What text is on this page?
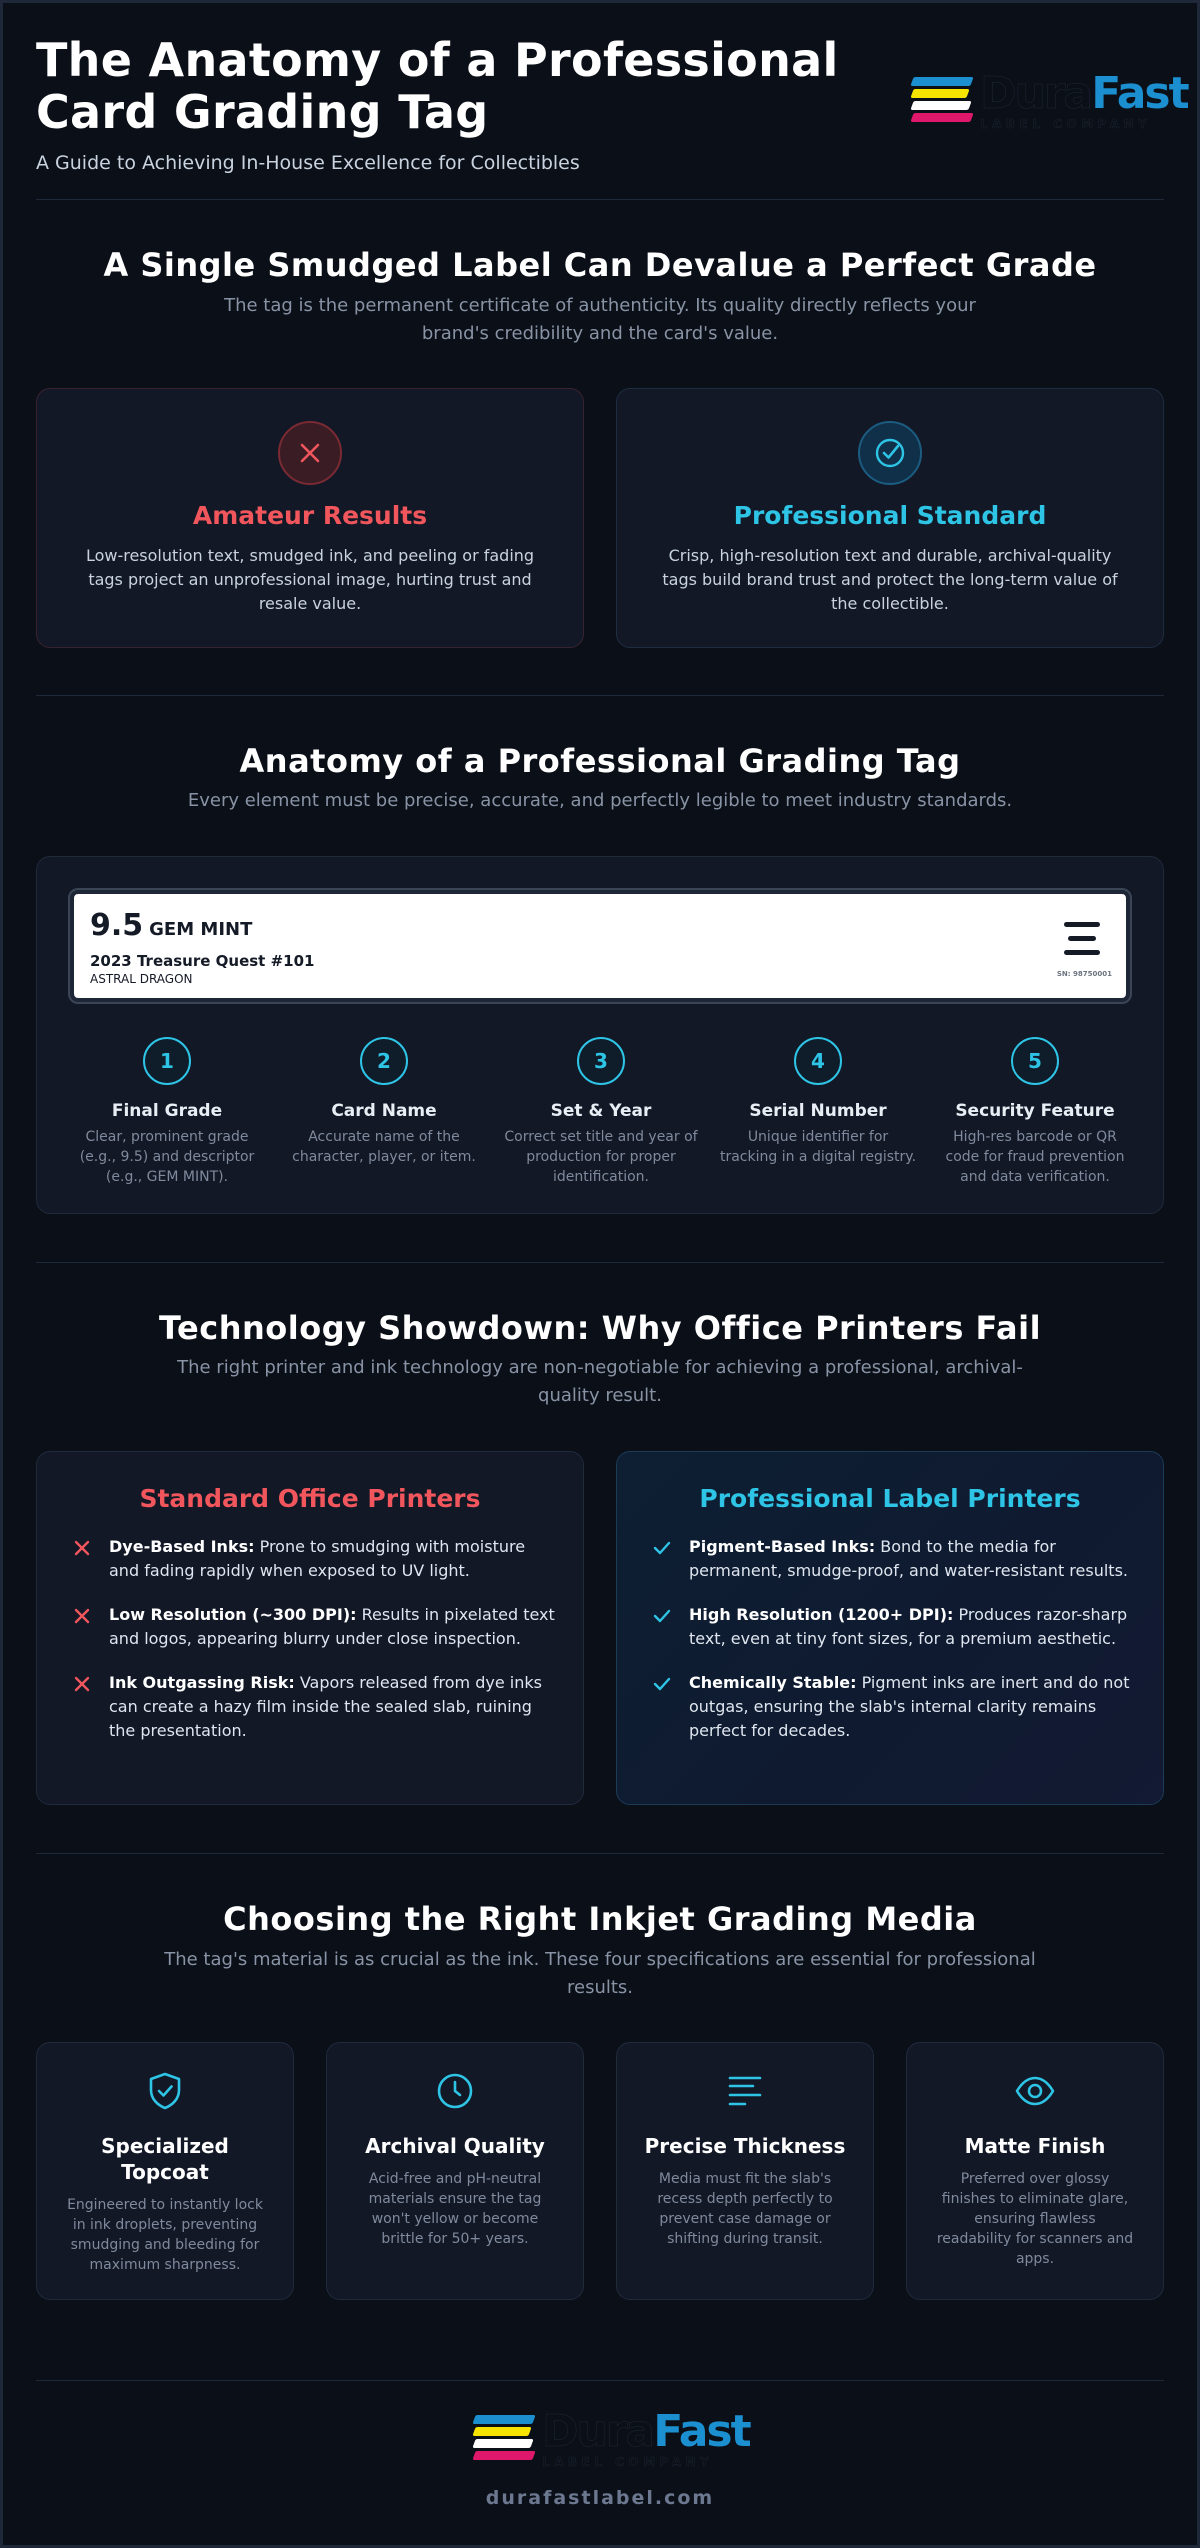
The Anatomy of a Professional
Card Grading Tag
A Guide to Achieving In-House Excellence for Collectibles
DuraFast
LABEL COMPANY
A Single Smudged Label Can Devalue a Perfect Grade
The tag is the permanent certificate of authenticity. Its quality directly reflects your brand's credibility and the card's value.
Amateur Results

Low-resolution text, smudged ink, and peeling or fading tags project an unprofessional image, hurting trust and resale value.

Professional Standard

Crisp, high-resolution text and durable, archival-quality tags build brand trust and protect the long-term value of the collectible.

Anatomy of a Professional Grading Tag
Every element must be precise, accurate, and perfectly legible to meet industry standards.
9.5 GEM MINT
2023 Treasure Quest #101
ASTRAL DRAGON	SN: 98750001
1
Final Grade

Clear, prominent grade (e.g., 9.5) and descriptor (e.g., GEM MINT).

2
Card Name

Accurate name of the character, player, or item.

3
Set & Year

Correct set title and year of production for proper identification.

4
Serial Number

Unique identifier for tracking in a digital registry.

5
Security Feature

High-res barcode or QR code for fraud prevention and data verification.

Technology Showdown: Why Office Printers Fail
The right printer and ink technology are non-negotiable for achieving a professional, archival-quality result.
Standard Office Printers
Dye-Based Inks: Prone to smudging with moisture and fading rapidly when exposed to UV light.
Low Resolution (~300 DPI): Results in pixelated text and logos, appearing blurry under close inspection.
Ink Outgassing Risk: Vapors released from dye inks can create a hazy film inside the sealed slab, ruining the presentation.
Professional Label Printers
Pigment-Based Inks: Bond to the media for permanent, smudge-proof, and water-resistant results.
High Resolution (1200+ DPI): Produces razor-sharp text, even at tiny font sizes, for a premium aesthetic.
Chemically Stable: Pigment inks are inert and do not outgas, ensuring the slab's internal clarity remains perfect for decades.
Choosing the Right Inkjet Grading Media
The tag's material is as crucial as the ink. These four specifications are essential for professional results.
Specialized Topcoat

Engineered to instantly lock in ink droplets, preventing smudging and bleeding for maximum sharpness.

Archival Quality

Acid-free and pH-neutral materials ensure the tag won't yellow or become brittle for 50+ years.

Precise Thickness

Media must fit the slab's recess depth perfectly to prevent case damage or shifting during transit.

Matte Finish

Preferred over glossy finishes to eliminate glare, ensuring flawless readability for scanners and apps.

DuraFast
LABEL COMPANY
durafastlabel.com
